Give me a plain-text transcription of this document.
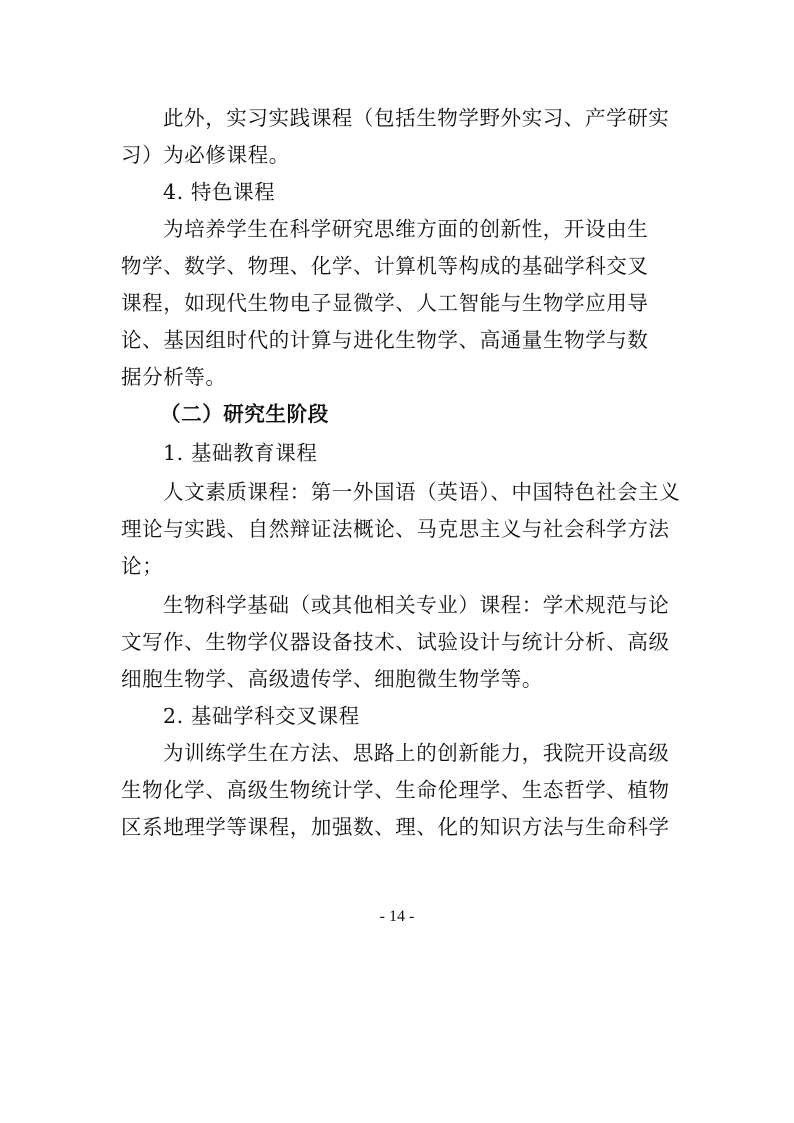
此外，实习实践课程（包括生物学野外实习、产学研实
习）为必修课程。
4. 特色课程
为培养学生在科学研究思维方面的创新性，开设由生
物学、数学、物理、化学、计算机等构成的基础学科交叉
课程，如现代生物电子显微学、人工智能与生物学应用导
论、基因组时代的计算与进化生物学、高通量生物学与数
据分析等。
（二）研究生阶段
1. 基础教育课程
人文素质课程：第一外国语（英语）、中国特色社会主义
理论与实践、自然辩证法概论、马克思主义与社会科学方法
论；
生物科学基础（或其他相关专业）课程：学术规范与论
文写作、生物学仪器设备技术、试验设计与统计分析、高级
细胞生物学、高级遗传学、细胞微生物学等。
2. 基础学科交叉课程
为训练学生在方法、思路上的创新能力，我院开设高级
生物化学、高级生物统计学、生命伦理学、生态哲学、植物
区系地理学等课程，加强数、理、化的知识方法与生命科学
- 14 -
